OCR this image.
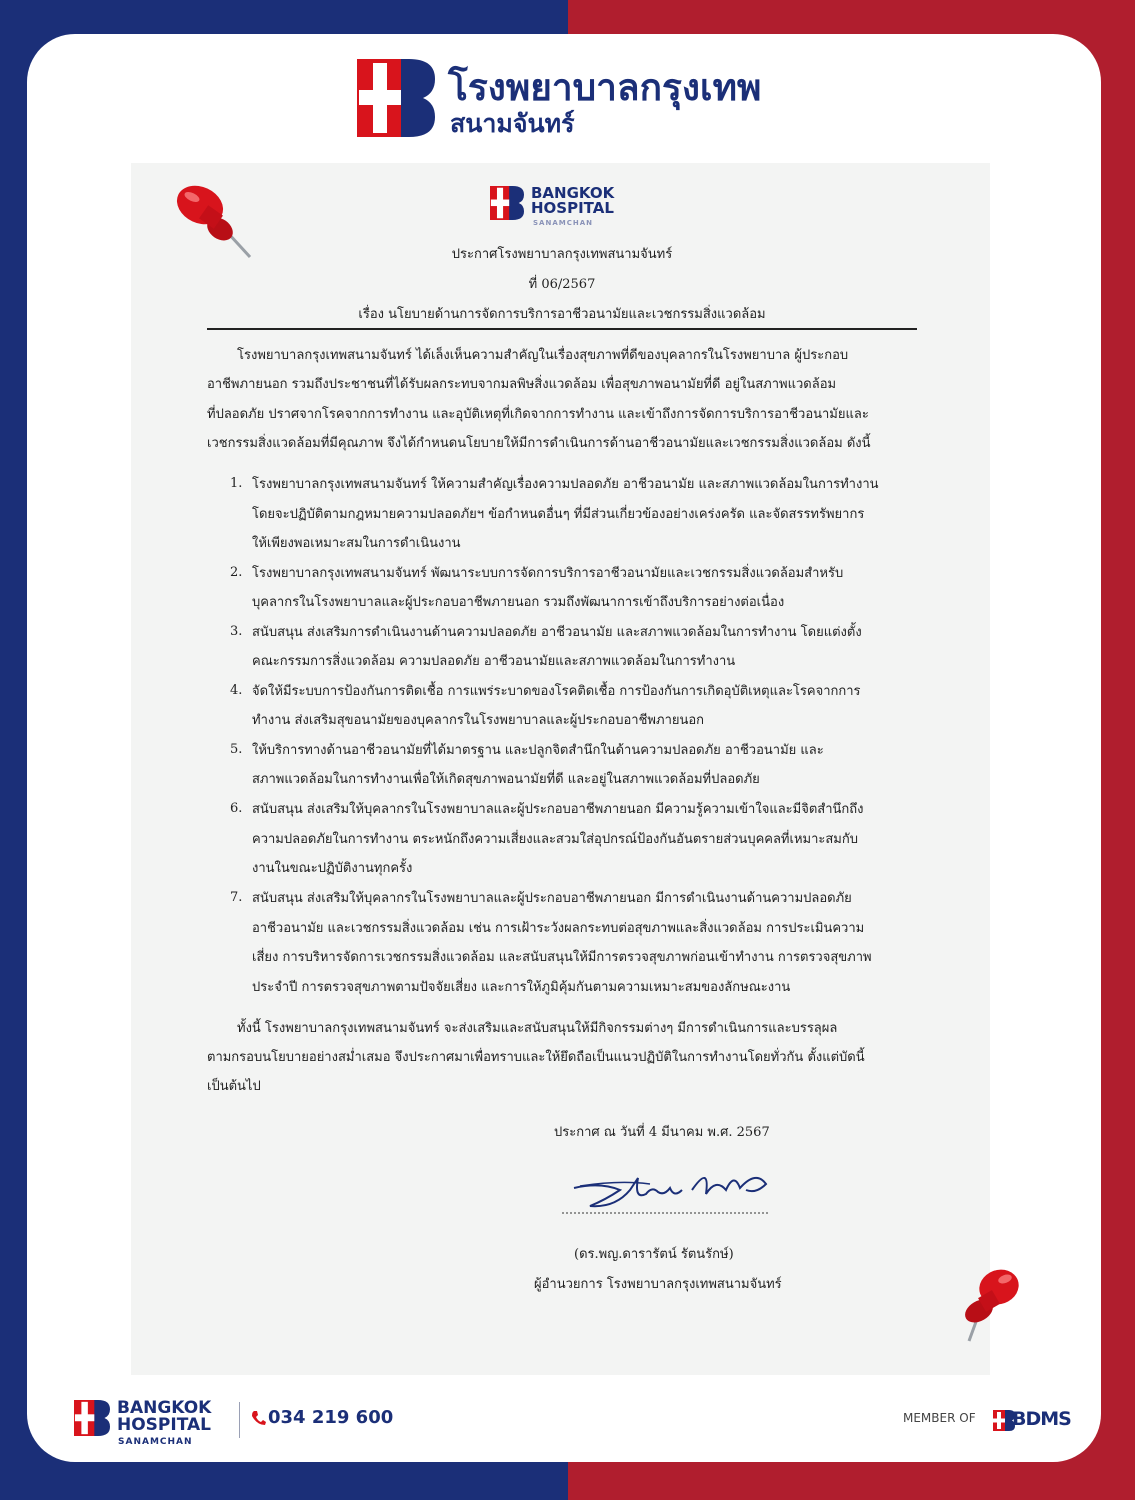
โรงพยาบาลกรุงเทพ
สนามจันทร์
BANGKOK
HOSPITAL
SANAMCHAN
ประกาศโรงพยาบาลกรุงเทพสนามจันทร์
ที่ 06/2567
เรื่อง นโยบายด้านการจัดการบริการอาชีวอนามัยและเวชกรรมสิ่งแวดล้อม
โรงพยาบาลกรุงเทพสนามจันทร์ ได้เล็งเห็นความสำคัญในเรื่องสุขภาพที่ดีของบุคลากรในโรงพยาบาล ผู้ประกอบ
อาชีพภายนอก รวมถึงประชาชนที่ได้รับผลกระทบจากมลพิษสิ่งแวดล้อม เพื่อสุขภาพอนามัยที่ดี อยู่ในสภาพแวดล้อม
ที่ปลอดภัย ปราศจากโรคจากการทำงาน และอุบัติเหตุที่เกิดจากการทำงาน และเข้าถึงการจัดการบริการอาชีวอนามัยและ
เวชกรรมสิ่งแวดล้อมที่มีคุณภาพ จึงได้กำหนดนโยบายให้มีการดำเนินการด้านอาชีวอนามัยและเวชกรรมสิ่งแวดล้อม ดังนี้
1. โรงพยาบาลกรุงเทพสนามจันทร์ ให้ความสำคัญเรื่องความปลอดภัย อาชีวอนามัย และสภาพแวดล้อมในการทำงาน
โดยจะปฏิบัติตามกฎหมายความปลอดภัยฯ ข้อกำหนดอื่นๆ ที่มีส่วนเกี่ยวข้องอย่างเคร่งครัด และจัดสรรทรัพยากร
ให้เพียงพอเหมาะสมในการดำเนินงาน
2. โรงพยาบาลกรุงเทพสนามจันทร์ พัฒนาระบบการจัดการบริการอาชีวอนามัยและเวชกรรมสิ่งแวดล้อมสำหรับ
บุคลากรในโรงพยาบาลและผู้ประกอบอาชีพภายนอก รวมถึงพัฒนาการเข้าถึงบริการอย่างต่อเนื่อง
3. สนับสนุน ส่งเสริมการดำเนินงานด้านความปลอดภัย อาชีวอนามัย และสภาพแวดล้อมในการทำงาน โดยแต่งตั้ง
คณะกรรมการสิ่งแวดล้อม ความปลอดภัย อาชีวอนามัยและสภาพแวดล้อมในการทำงาน
4. จัดให้มีระบบการป้องกันการติดเชื้อ การแพร่ระบาดของโรคติดเชื้อ การป้องกันการเกิดอุบัติเหตุและโรคจากการ
ทำงาน ส่งเสริมสุขอนามัยของบุคลากรในโรงพยาบาลและผู้ประกอบอาชีพภายนอก
5. ให้บริการทางด้านอาชีวอนามัยที่ได้มาตรฐาน และปลูกจิตสำนึกในด้านความปลอดภัย อาชีวอนามัย และ
สภาพแวดล้อมในการทำงานเพื่อให้เกิดสุขภาพอนามัยที่ดี และอยู่ในสภาพแวดล้อมที่ปลอดภัย
6. สนับสนุน ส่งเสริมให้บุคลากรในโรงพยาบาลและผู้ประกอบอาชีพภายนอก มีความรู้ความเข้าใจและมีจิตสำนึกถึง
ความปลอดภัยในการทำงาน ตระหนักถึงความเสี่ยงและสวมใส่อุปกรณ์ป้องกันอันตรายส่วนบุคคลที่เหมาะสมกับ
งานในขณะปฏิบัติงานทุกครั้ง
7. สนับสนุน ส่งเสริมให้บุคลากรในโรงพยาบาลและผู้ประกอบอาชีพภายนอก มีการดำเนินงานด้านความปลอดภัย
อาชีวอนามัย และเวชกรรมสิ่งแวดล้อม เช่น การเฝ้าระวังผลกระทบต่อสุขภาพและสิ่งแวดล้อม การประเมินความ
เสี่ยง การบริหารจัดการเวชกรรมสิ่งแวดล้อม และสนับสนุนให้มีการตรวจสุขภาพก่อนเข้าทำงาน การตรวจสุขภาพ
ประจำปี การตรวจสุขภาพตามปัจจัยเสี่ยง และการให้ภูมิคุ้มกันตามความเหมาะสมของลักษณะงาน
ทั้งนี้ โรงพยาบาลกรุงเทพสนามจันทร์ จะส่งเสริมและสนับสนุนให้มีกิจกรรมต่างๆ มีการดำเนินการและบรรลุผล
ตามกรอบนโยบายอย่างสม่ำเสมอ จึงประกาศมาเพื่อทราบและให้ยึดถือเป็นแนวปฏิบัติในการทำงานโดยทั่วกัน ตั้งแต่บัดนี้
เป็นต้นไป
ประกาศ ณ วันที่ 4 มีนาคม พ.ศ. 2567
(ดร.พญ.ดารารัตน์ รัตนรักษ์)
ผู้อำนวยการ โรงพยาบาลกรุงเทพสนามจันทร์
BANGKOK
HOSPITAL
SANAMCHAN
034 219 600	MEMBER OF BDMS
